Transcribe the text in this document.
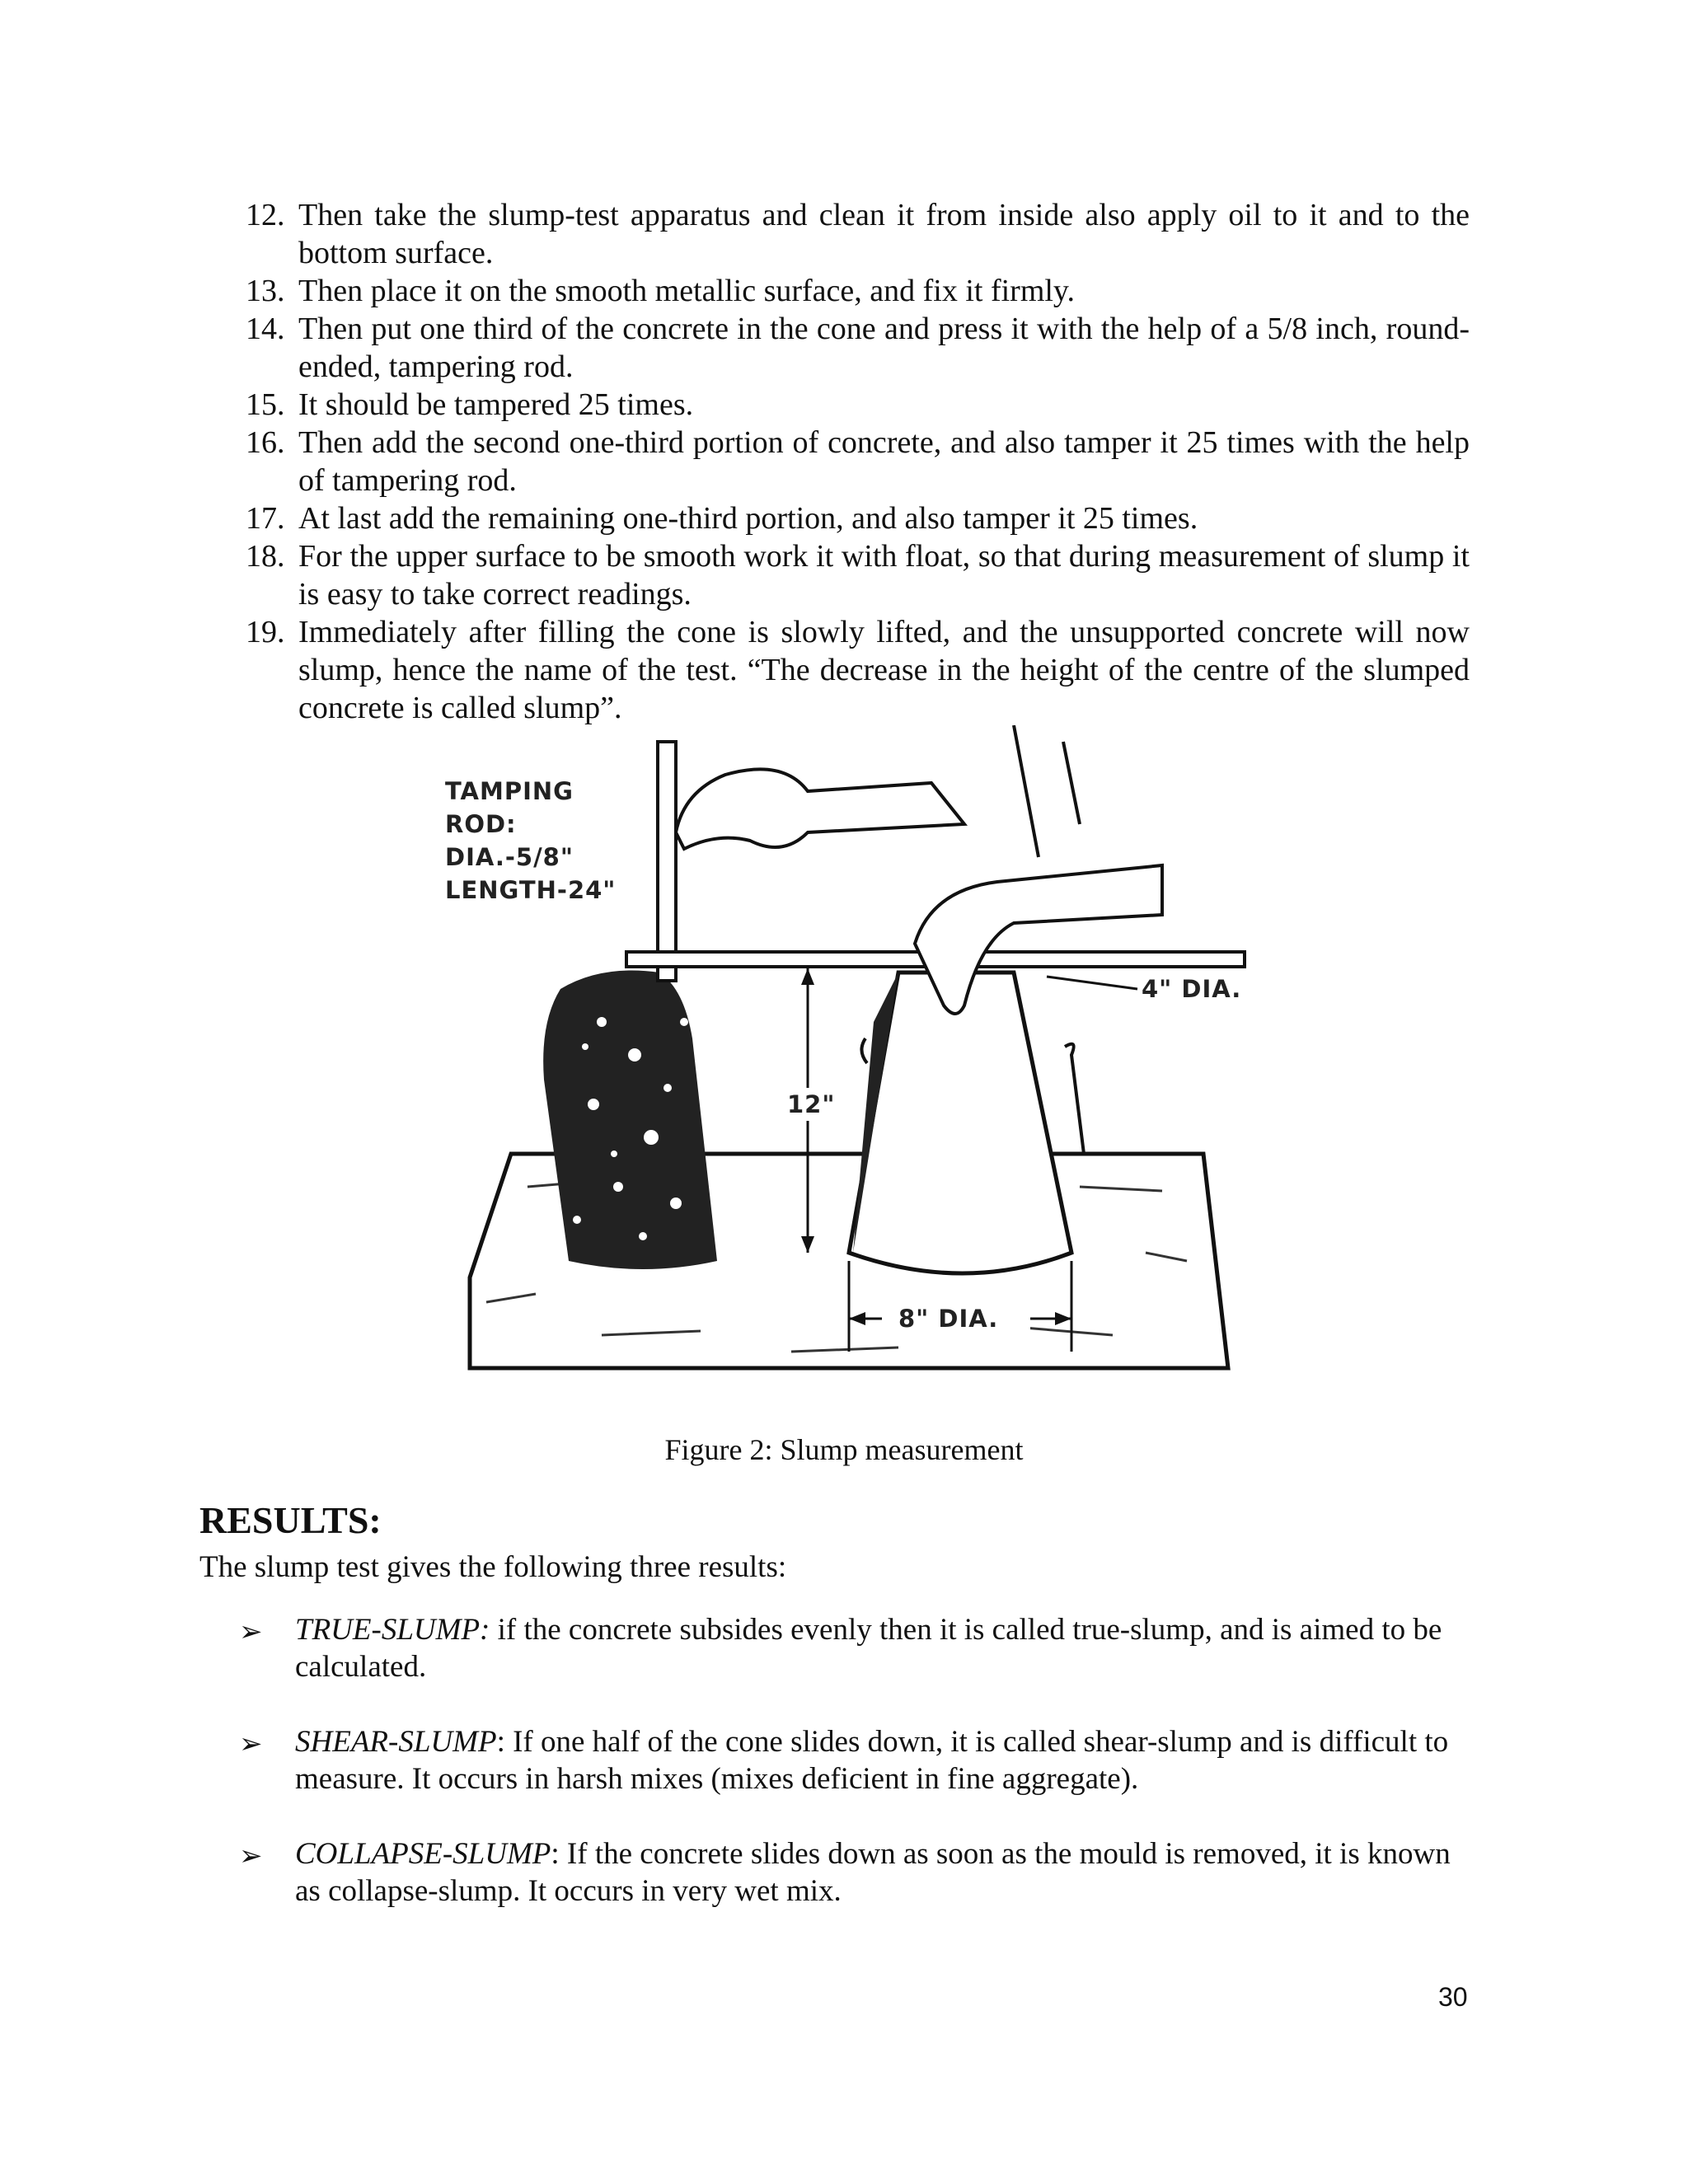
12. Then take the slump-test apparatus and clean it from inside also apply oil to it and to the bottom surface.
13. Then place it on the smooth metallic surface, and fix it firmly.
14. Then put one third of the concrete in the cone and press it with the help of a 5/8 inch, round-ended, tampering rod.
15. It should be tampered 25 times.
16. Then add the second one-third portion of concrete, and also tamper it 25 times with the help of tampering rod.
17. At last add the remaining one-third portion, and also tamper it 25 times.
18. For the upper surface to be smooth work it with float, so that during measurement of slump it is easy to take correct readings.
19. Immediately after filling the cone is slowly lifted, and the unsupported concrete will now slump, hence the name of the test. “The decrease in the height of the centre of the slumped concrete is called slump”.
TAMPING
ROD:
DIA.-5/8"
LENGTH-24"
4" DIA.
12"
8" DIA.
Figure 2: Slump measurement
RESULTS:
The slump test gives the following three results:
➢ TRUE-SLUMP: if the concrete subsides evenly then it is called true-slump, and is aimed to be calculated.
➢ SHEAR-SLUMP: If one half of the cone slides down, it is called shear-slump and is difficult to measure. It occurs in harsh mixes (mixes deficient in fine aggregate).
➢ COLLAPSE-SLUMP: If the concrete slides down as soon as the mould is removed, it is known as collapse-slump. It occurs in very wet mix.
30
